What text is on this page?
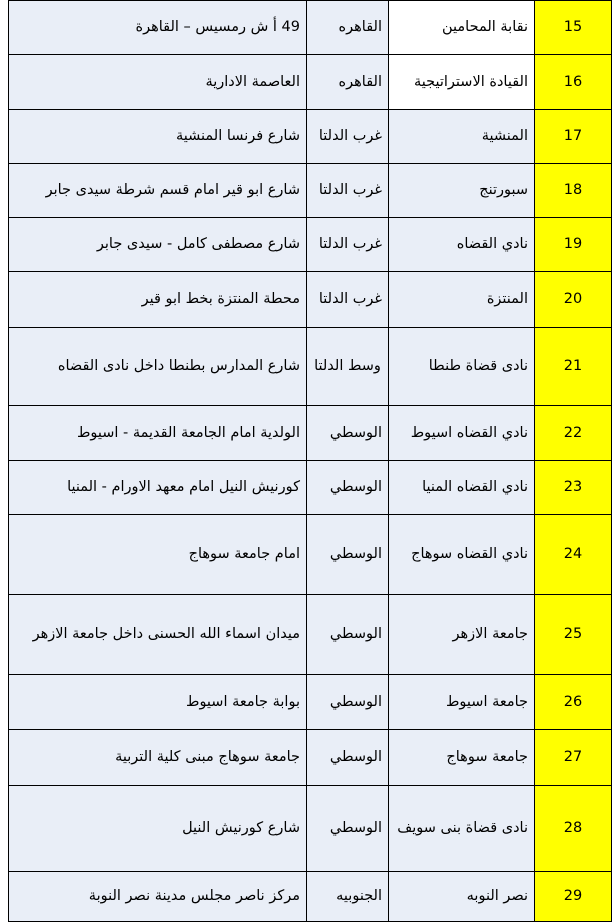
15	نقابة المحامين	القاهره	49 أ ش رمسيس – القاهرة
16	القيادة الاستراتيجية	القاهره	العاصمة الادارية
17	المنشية	غرب الدلتا	شارع فرنسا المنشية
18	سبورتنج	غرب الدلتا	شارع ابو قير امام قسم شرطة سيدى جابر
19	نادي القضاه	غرب الدلتا	شارع مصطفى كامل - سيدى جابر
20	المنتزة	غرب الدلتا	محطة المنتزة بخط ابو قير
21	نادى قضاة طنطا	وسط الدلتا	شارع المدارس بطنطا داخل نادى القضاه
22	نادي القضاه اسيوط	الوسطي	الولدية امام الجامعة القديمة - اسيوط
23	نادي القضاه المنيا	الوسطي	كورنيش النيل امام معهد الاورام - المنيا
24	نادي القضاه سوهاج	الوسطي	امام جامعة سوهاج
25	جامعة الازهر	الوسطي	ميدان اسماء الله الحسنى داخل جامعة الازهر
26	جامعة اسيوط	الوسطي	بوابة جامعة اسيوط
27	جامعة سوهاج	الوسطي	جامعة سوهاج مبنى كلية التربية
28	نادى قضاة بنى سويف	الوسطي	شارع كورنيش النيل
29	نصر النوبه	الجنوبيه	مركز ناصر مجلس مدينة نصر النوبة
